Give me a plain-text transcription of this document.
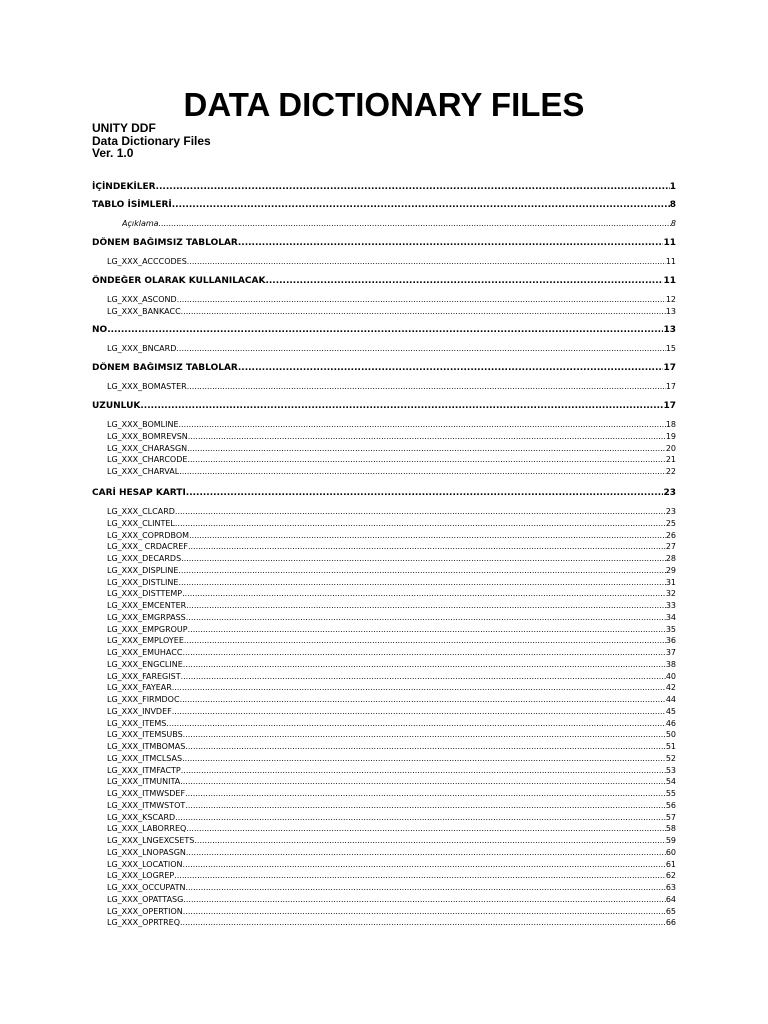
DATA DICTIONARY FILES
UNITY DDF
Data Dictionary Files
Ver. 1.0
İÇİNDEKİLER .....	1
TABLO İSİMLERİ .....	8
Açıklama .....	8
DÖNEM BAĞIMSIZ TABLOLAR .....	11
LG_XXX_ACCCODES .....	11
ÖNDEĞER OLARAK KULLANILACAK .....	11
LG_XXX_ASCOND .....	12
LG_XXX_BANKACC .....	13
NO .....	13
LG_XXX_BNCARD .....	15
DÖNEM BAĞIMSIZ TABLOLAR .....	17
LG_XXX_BOMASTER .....	17
UZUNLUK .....	17
LG_XXX_BOMLINE .....	18
LG_XXX_BOMREVSN .....	19
LG_XXX_CHARASGN .....	20
LG_XXX_CHARCODE .....	21
LG_XXX_CHARVAL .....	22
CARİ HESAP KARTI .....	23
LG_XXX_CLCARD .....	23
LG_XXX_CLINTEL .....	25
LG_XXX_COPRDBOM .....	26
LG_XXX_ CRDACREF .....	27
LG_XXX_DECARDS .....	28
LG_XXX_DISPLINE .....	29
LG_XXX_DISTLINE .....	31
LG_XXX_DISTTEMP .....	32
LG_XXX_EMCENTER .....	33
LG_XXX_EMGRPASS .....	34
LG_XXX_EMPGROUP .....	35
LG_XXX_EMPLOYEE .....	36
LG_XXX_EMUHACC .....	37
LG_XXX_ENGCLINE .....	38
LG_XXX_FAREGIST .....	40
LG_XXX_FAYEAR .....	42
LG_XXX_FIRMDOC .....	44
LG_XXX_INVDEF .....	45
LG_XXX_ITEMS .....	46
LG_XXX_ITEMSUBS .....	50
LG_XXX_ITMBOMAS .....	51
LG_XXX_ITMCLSAS .....	52
LG_XXX_ITMFACTP .....	53
LG_XXX_ITMUNITA .....	54
LG_XXX_ITMWSDEF .....	55
LG_XXX_ITMWSTOT .....	56
LG_XXX_KSCARD .....	57
LG_XXX_LABORREQ .....	58
LG_XXX_LNGEXCSETS .....	59
LG_XXX_LNOPASGN .....	60
LG_XXX_LOCATION .....	61
LG_XXX_LOGREP .....	62
LG_XXX_OCCUPATN .....	63
LG_XXX_OPATTASG .....	64
LG_XXX_OPERTION .....	65
LG_XXX_OPRTREQ .....	66
